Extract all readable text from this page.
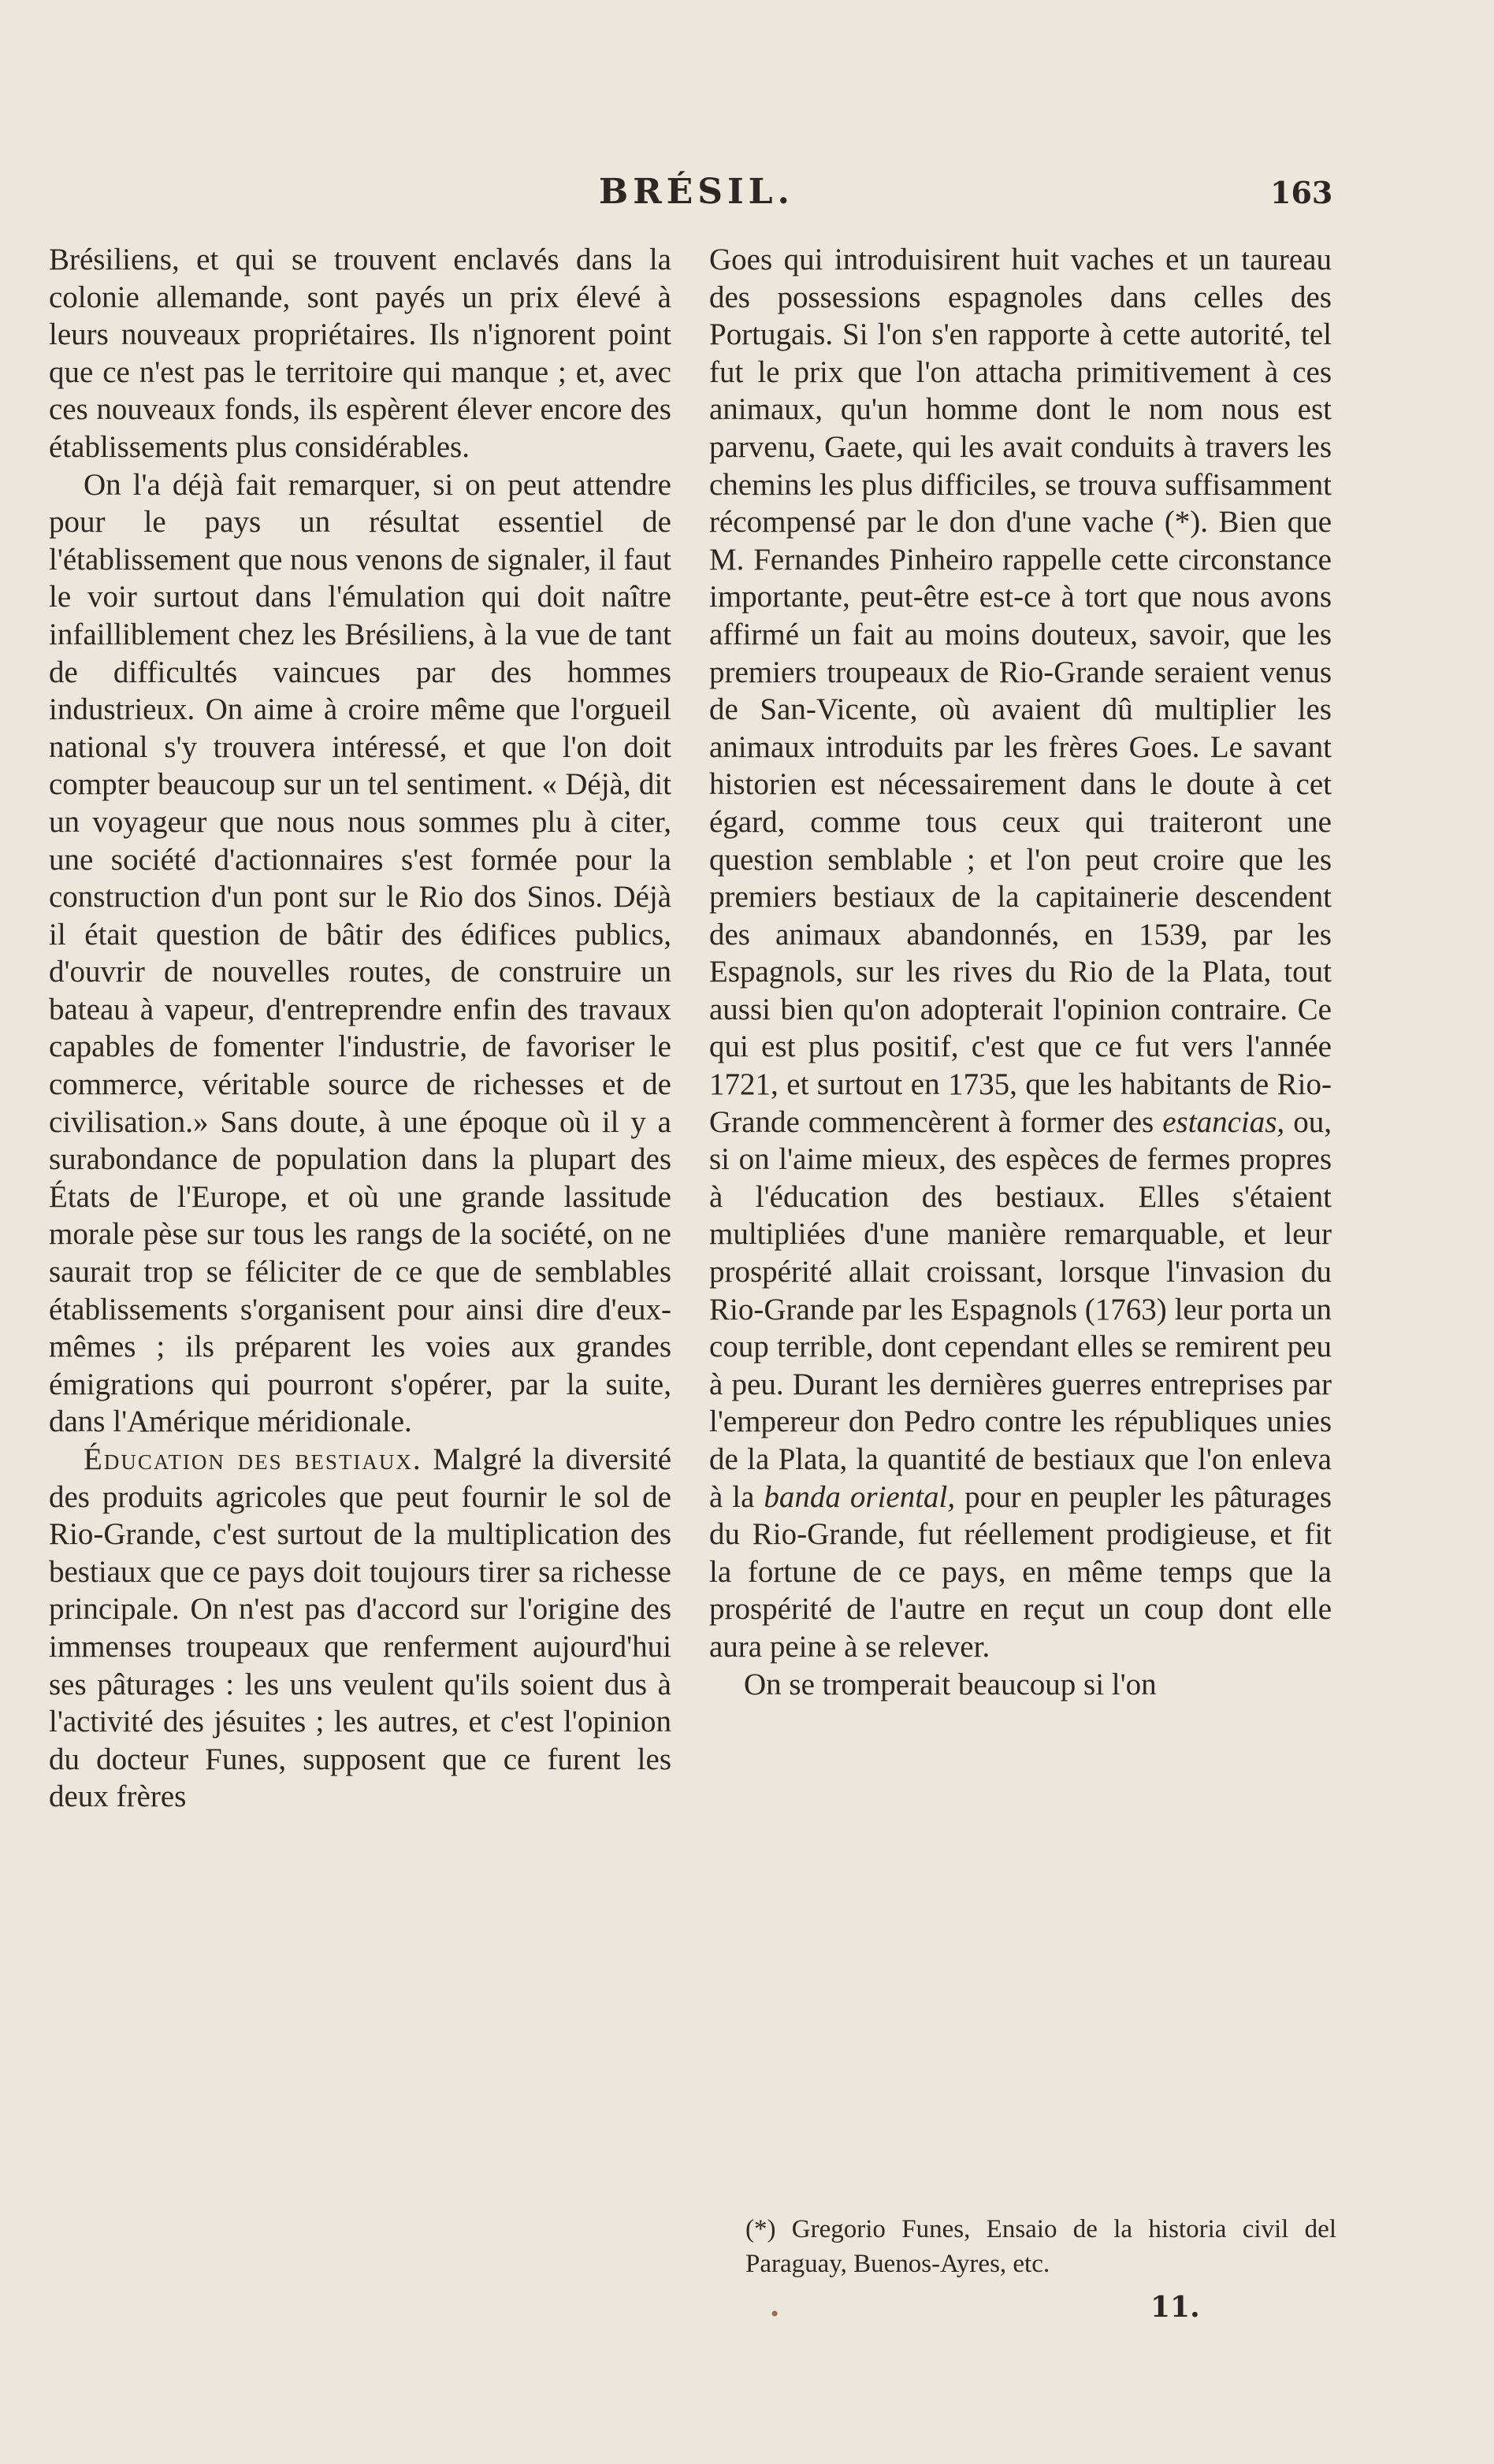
BRÉSIL.	163

Brésiliens, et qui se trouvent enclavés dans la colonie allemande, sont payés un prix élevé à leurs nouveaux propriétaires. Ils n'ignorent point que ce n'est pas le territoire qui manque ; et, avec ces nouveaux fonds, ils espèrent élever encore des établissements plus considérables.

On l'a déjà fait remarquer, si on peut attendre pour le pays un résultat essentiel de l'établissement que nous venons de signaler, il faut le voir surtout dans l'émulation qui doit naître infailliblement chez les Brésiliens, à la vue de tant de difficultés vaincues par des hommes industrieux. On aime à croire même que l'orgueil national s'y trouvera intéressé, et que l'on doit compter beaucoup sur un tel sentiment. « Déjà, dit un voyageur que nous nous sommes plu à citer, une société d'actionnaires s'est formée pour la construction d'un pont sur le Rio dos Sinos. Déjà il était question de bâtir des édifices publics, d'ouvrir de nouvelles routes, de construire un bateau à vapeur, d'entreprendre enfin des travaux capables de fomenter l'industrie, de favoriser le commerce, véritable source de richesses et de civilisation.» Sans doute, à une époque où il y a surabondance de population dans la plupart des États de l'Europe, et où une grande lassitude morale pèse sur tous les rangs de la société, on ne saurait trop se féliciter de ce que de semblables établissements s'organisent pour ainsi dire d'eux-mêmes ; ils préparent les voies aux grandes émigrations qui pourront s'opérer, par la suite, dans l'Amérique méridionale.

Éducation des bestiaux. Malgré la diversité des produits agricoles que peut fournir le sol de Rio-Grande, c'est surtout de la multiplication des bestiaux que ce pays doit toujours tirer sa richesse principale. On n'est pas d'accord sur l'origine des immenses troupeaux que renferment aujourd'hui ses pâturages : les uns veulent qu'ils soient dus à l'activité des jésuites ; les autres, et c'est l'opinion du docteur Funes, supposent que ce furent les deux frères

Goes qui introduisirent huit vaches et un taureau des possessions espagnoles dans celles des Portugais. Si l'on s'en rapporte à cette autorité, tel fut le prix que l'on attacha primitivement à ces animaux, qu'un homme dont le nom nous est parvenu, Gaete, qui les avait conduits à travers les chemins les plus difficiles, se trouva suffisamment récompensé par le don d'une vache (*). Bien que M. Fernandes Pinheiro rappelle cette circonstance importante, peut-être est-ce à tort que nous avons affirmé un fait au moins douteux, savoir, que les premiers troupeaux de Rio-Grande seraient venus de San-Vicente, où avaient dû multiplier les animaux introduits par les frères Goes. Le savant historien est nécessairement dans le doute à cet égard, comme tous ceux qui traiteront une question semblable ; et l'on peut croire que les premiers bestiaux de la capitainerie descendent des animaux abandonnés, en 1539, par les Espagnols, sur les rives du Rio de la Plata, tout aussi bien qu'on adopterait l'opinion contraire. Ce qui est plus positif, c'est que ce fut vers l'année 1721, et surtout en 1735, que les habitants de Rio-Grande commencèrent à former des estancias, ou, si on l'aime mieux, des espèces de fermes propres à l'éducation des bestiaux. Elles s'étaient multipliées d'une manière remarquable, et leur prospérité allait croissant, lorsque l'invasion du Rio-Grande par les Espagnols (1763) leur porta un coup terrible, dont cependant elles se remirent peu à peu. Durant les dernières guerres entreprises par l'empereur don Pedro contre les républiques unies de la Plata, la quantité de bestiaux que l'on enleva à la banda oriental, pour en peupler les pâturages du Rio-Grande, fut réellement prodigieuse, et fit la fortune de ce pays, en même temps que la prospérité de l'autre en reçut un coup dont elle aura peine à se relever.

On se tromperait beaucoup si l'on

(*) Gregorio Funes, Ensaio de la historia civil del Paraguay, Buenos-Ayres, etc.
•	11.
